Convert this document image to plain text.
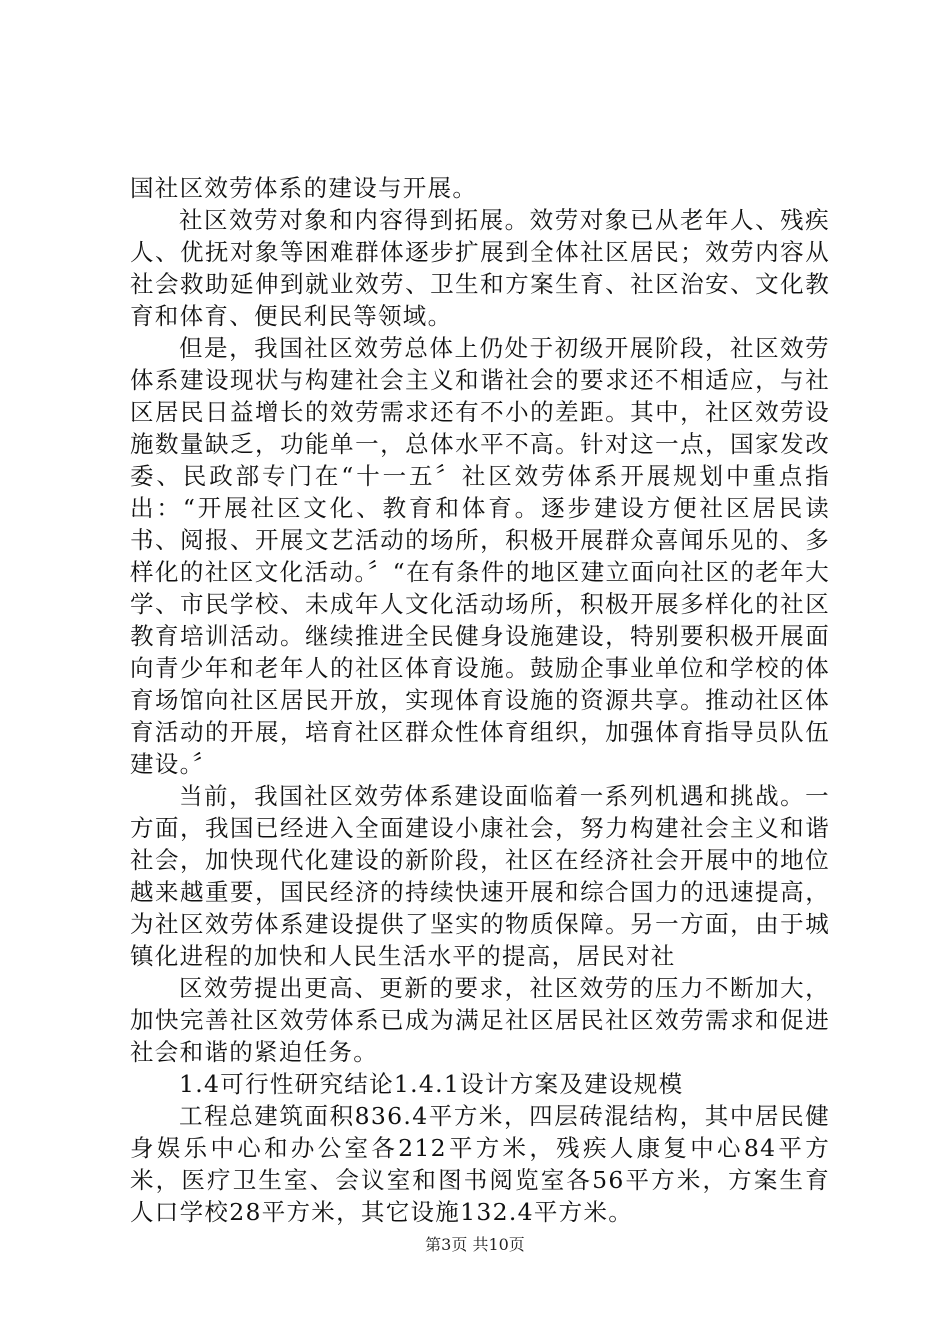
国社区效劳体系的建设与开展。

社区效劳对象和内容得到拓展。效劳对象已从老年人、残疾人、优抚对象等困难群体逐步扩展到全体社区居民；效劳内容从社会救助延伸到就业效劳、卫生和方案生育、社区治安、文化教育和体育、便民利民等领域。

但是，我国社区效劳总体上仍处于初级开展阶段，社区效劳体系建设现状与构建社会主义和谐社会的要求还不相适应，与社区居民日益增长的效劳需求还有不小的差距。其中，社区效劳设施数量缺乏，功能单一，总体水平不高。针对这一点，国家发改委、民政部专门在“十一五〞社区效劳体系开展规划中重点指出：“开展社区文化、教育和体育。逐步建设方便社区居民读书、阅报、开展文艺活动的场所，积极开展群众喜闻乐见的、多样化的社区文化活动。〞“在有条件的地区建立面向社区的老年大学、市民学校、未成年人文化活动场所，积极开展多样化的社区教育培训活动。继续推进全民健身设施建设，特别要积极开展面向青少年和老年人的社区体育设施。鼓励企事业单位和学校的体育场馆向社区居民开放，实现体育设施的资源共享。推动社区体育活动的开展，培育社区群众性体育组织，加强体育指导员队伍建设。〞

当前，我国社区效劳体系建设面临着一系列机遇和挑战。一方面，我国已经进入全面建设小康社会，努力构建社会主义和谐社会，加快现代化建设的新阶段，社区在经济社会开展中的地位越来越重要，国民经济的持续快速开展和综合国力的迅速提高，为社区效劳体系建设提供了坚实的物质保障。另一方面，由于城镇化进程的加快和人民生活水平的提高，居民对社

区效劳提出更高、更新的要求，社区效劳的压力不断加大，加快完善社区效劳体系已成为满足社区居民社区效劳需求和促进社会和谐的紧迫任务。

1.4可行性研究结论1.4.1设计方案及建设规模

工程总建筑面积836.4平方米，四层砖混结构，其中居民健身娱乐中心和办公室各212平方米，残疾人康复中心84平方米，医疗卫生室、会议室和图书阅览室各56平方米，方案生育人口学校28平方米，其它设施132.4平方米。

第3页 共10页
